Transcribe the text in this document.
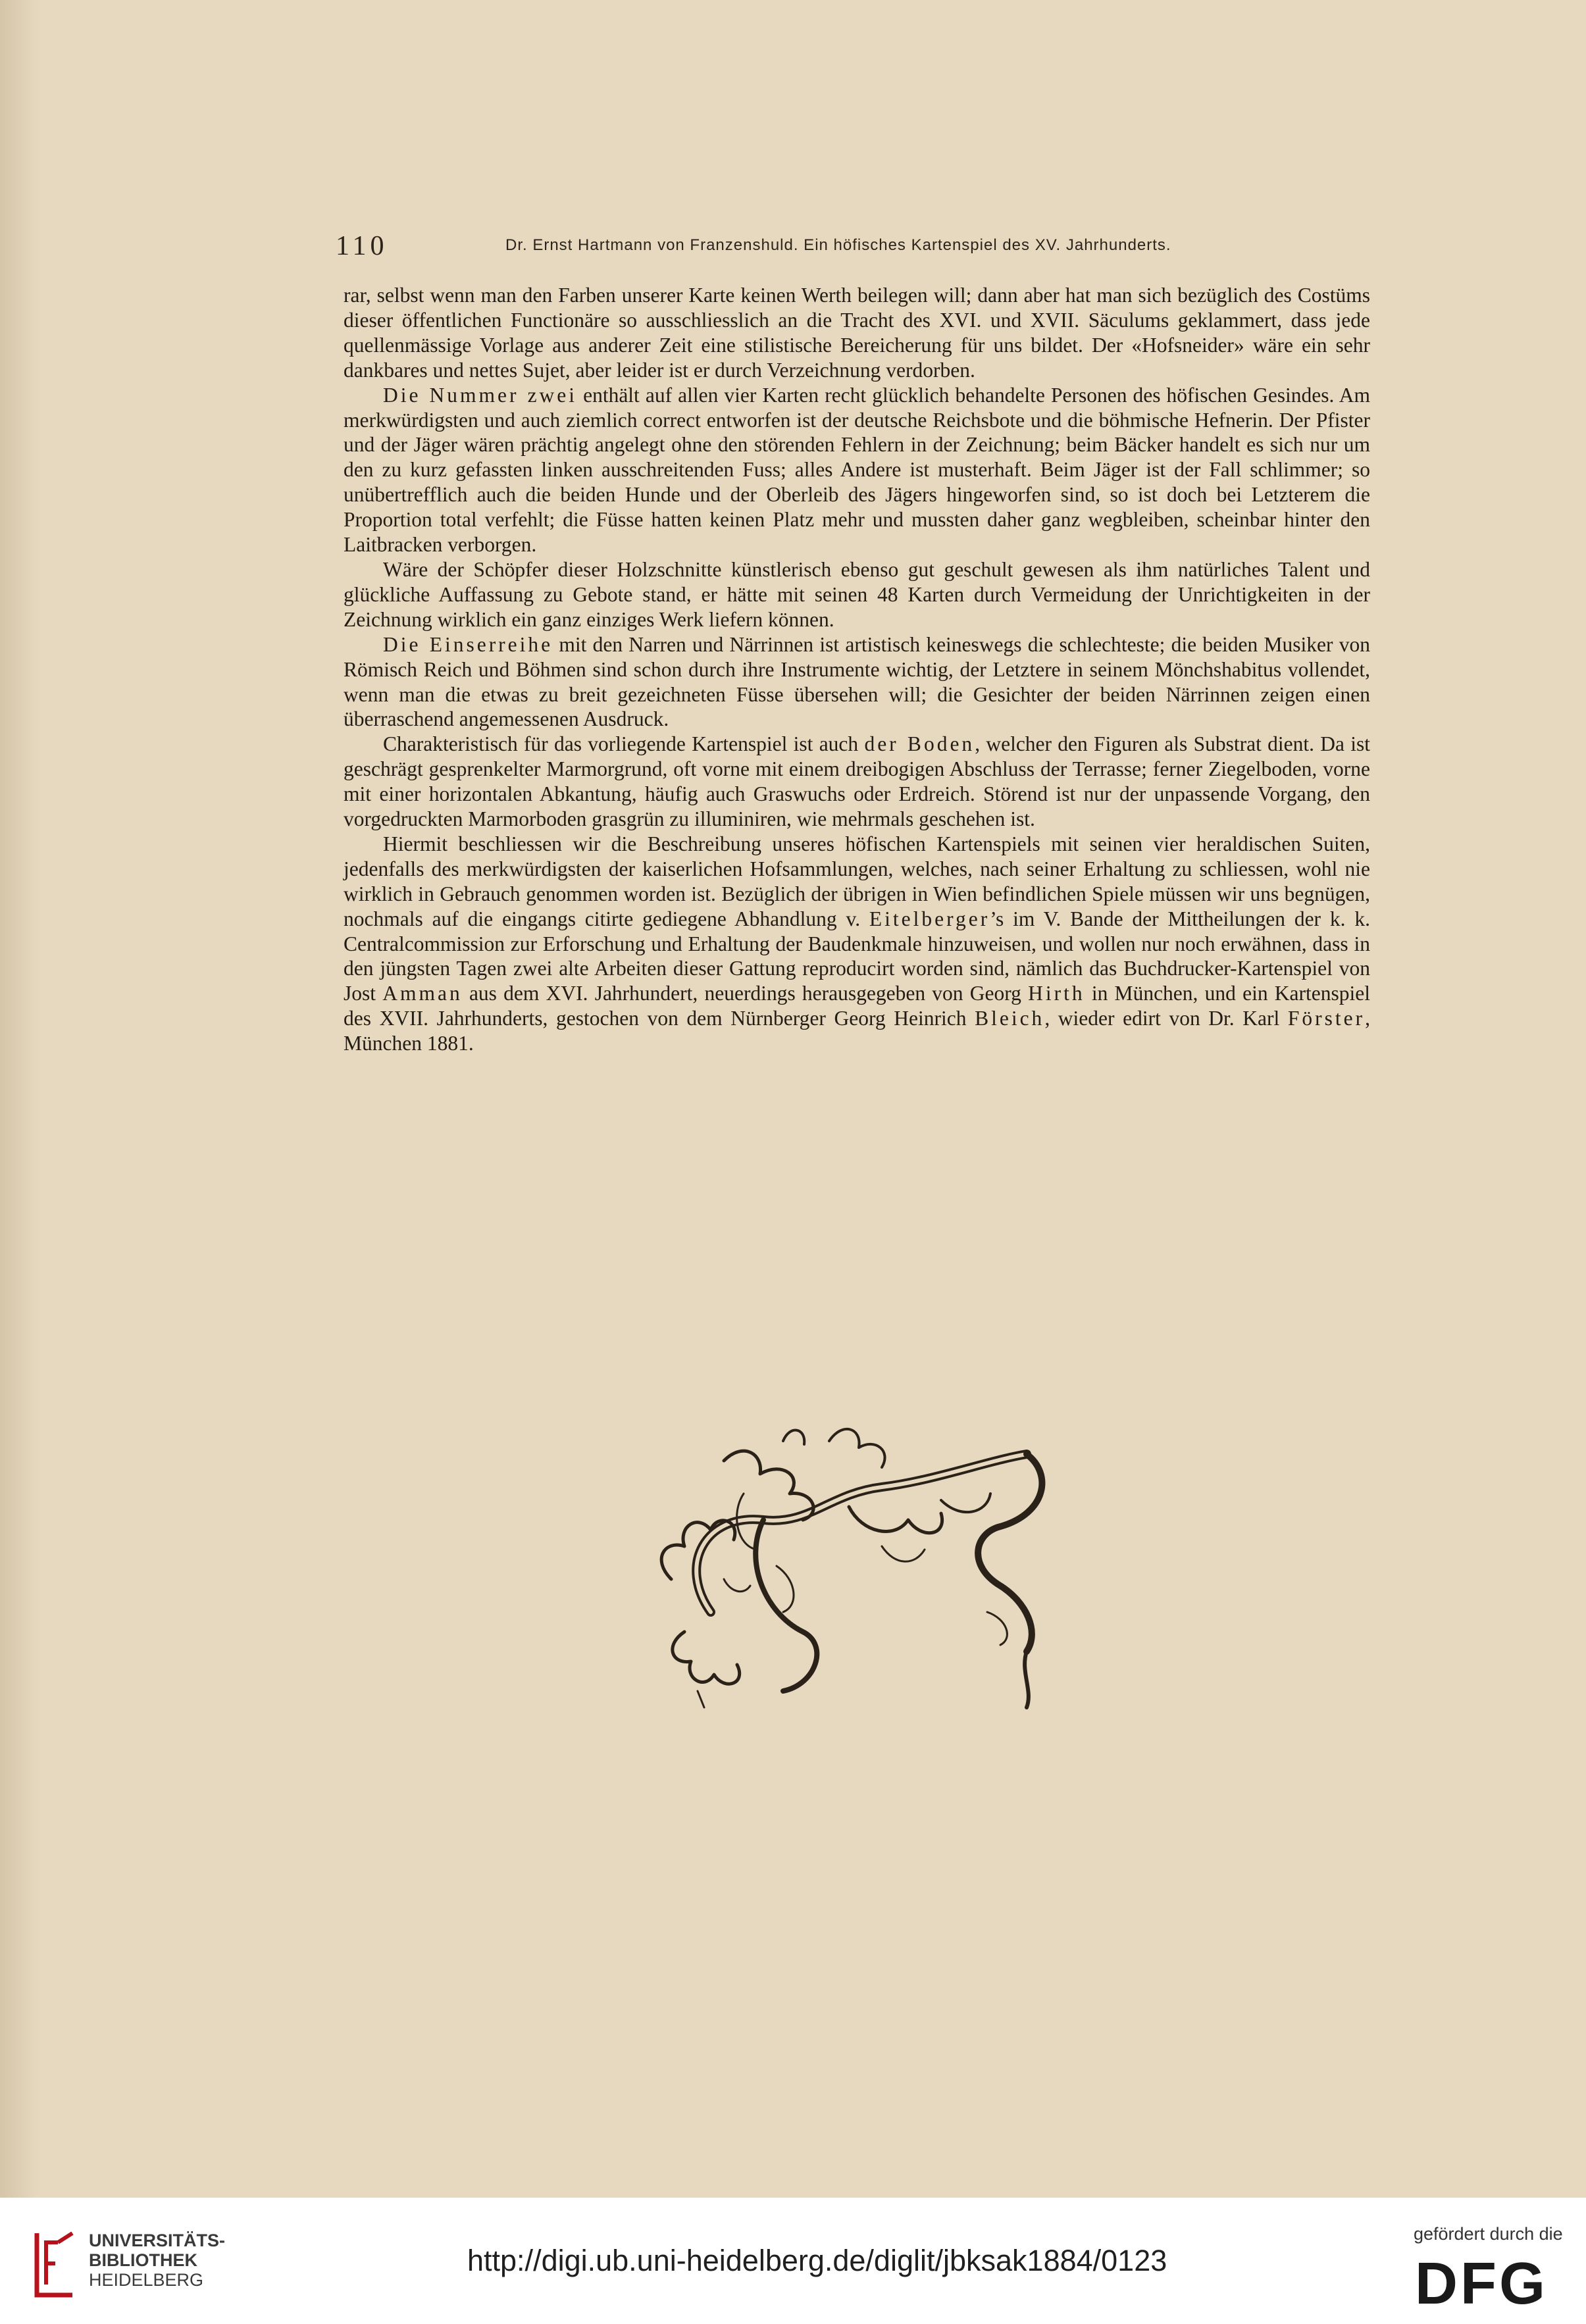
110	Dr. Ernst Hartmann von Franzenshuld. Ein höfisches Kartenspiel des XV. Jahrhunderts.

rar, selbst wenn man den Farben unserer Karte keinen Werth beilegen will; dann aber hat man sich bezüglich des Costüms dieser öffentlichen Functionäre so ausschliesslich an die Tracht des XVI. und XVII. Säculums geklammert, dass jede quellenmässige Vorlage aus anderer Zeit eine stilistische Bereicherung für uns bildet. Der «Hofsneider» wäre ein sehr dankbares und nettes Sujet, aber leider ist er durch Verzeichnung verdorben.

Die Nummer zwei enthält auf allen vier Karten recht glücklich behandelte Personen des höfischen Gesindes. Am merkwürdigsten und auch ziemlich correct entworfen ist der deutsche Reichsbote und die böhmische Hefnerin. Der Pfister und der Jäger wären prächtig angelegt ohne den störenden Fehlern in der Zeichnung; beim Bäcker handelt es sich nur um den zu kurz gefassten linken ausschreitenden Fuss; alles Andere ist musterhaft. Beim Jäger ist der Fall schlimmer; so unübertrefflich auch die beiden Hunde und der Oberleib des Jägers hingeworfen sind, so ist doch bei Letzterem die Proportion total verfehlt; die Füsse hatten keinen Platz mehr und mussten daher ganz wegbleiben, scheinbar hinter den Laitbracken verborgen.

Wäre der Schöpfer dieser Holzschnitte künstlerisch ebenso gut geschult gewesen als ihm natürliches Talent und glückliche Auffassung zu Gebote stand, er hätte mit seinen 48 Karten durch Vermeidung der Unrichtigkeiten in der Zeichnung wirklich ein ganz einziges Werk liefern können.

Die Einserreihe mit den Narren und Närrinnen ist artistisch keineswegs die schlechteste; die beiden Musiker von Römisch Reich und Böhmen sind schon durch ihre Instrumente wichtig, der Letztere in seinem Mönchshabitus vollendet, wenn man die etwas zu breit gezeichneten Füsse übersehen will; die Gesichter der beiden Närrinnen zeigen einen überraschend angemessenen Ausdruck.

Charakteristisch für das vorliegende Kartenspiel ist auch der Boden, welcher den Figuren als Substrat dient. Da ist geschrägt gesprenkelter Marmorgrund, oft vorne mit einem dreibogigen Abschluss der Terrasse; ferner Ziegelboden, vorne mit einer horizontalen Abkantung, häufig auch Graswuchs oder Erdreich. Störend ist nur der unpassende Vorgang, den vorgedruckten Marmorboden grasgrün zu illuminiren, wie mehrmals geschehen ist.

Hiermit beschliessen wir die Beschreibung unseres höfischen Kartenspiels mit seinen vier heraldischen Suiten, jedenfalls des merkwürdigsten der kaiserlichen Hofsammlungen, welches, nach seiner Erhaltung zu schliessen, wohl nie wirklich in Gebrauch genommen worden ist. Bezüglich der übrigen in Wien befindlichen Spiele müssen wir uns begnügen, nochmals auf die eingangs citirte gediegene Abhandlung v. Eitelberger’s im V. Bande der Mittheilungen der k. k. Centralcommission zur Erforschung und Erhaltung der Baudenkmale hinzuweisen, und wollen nur noch erwähnen, dass in den jüngsten Tagen zwei alte Arbeiten dieser Gattung reproducirt worden sind, nämlich das Buchdrucker-Kartenspiel von Jost Amman aus dem XVI. Jahrhundert, neuerdings herausgegeben von Georg Hirth in München, und ein Kartenspiel des XVII. Jahrhunderts, gestochen von dem Nürnberger Georg Heinrich Bleich, wieder edirt von Dr. Karl Förster, München 1881.

UNIVERSITÄTS-
BIBLIOTHEK
HEIDELBERG
http://digi.ub.uni-heidelberg.de/diglit/jbksak1884/0123
gefördert durch die
DFG
